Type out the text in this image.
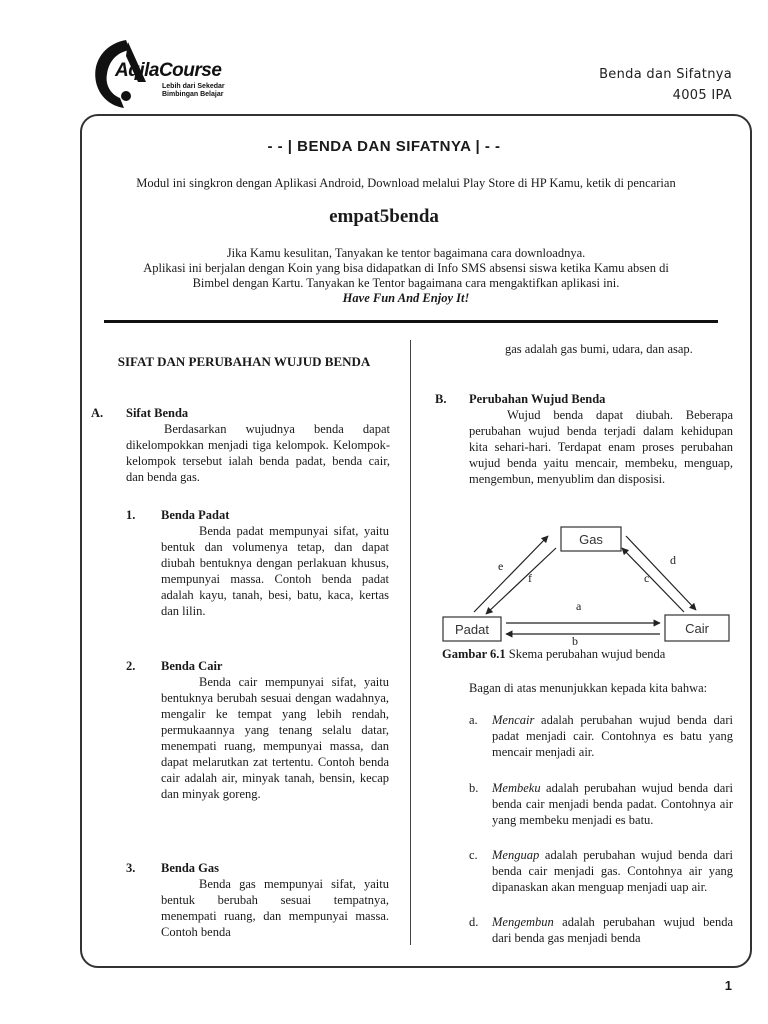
AqilaCourse
Lebih dari Sekedar
Bimbingan Belajar
Benda dan Sifatnya
4005 IPA
- - | BENDA DAN SIFATNYA | - -
Modul ini singkron dengan Aplikasi Android, Download melalui Play Store di HP Kamu, ketik di pencarian
empat5benda
Jika Kamu kesulitan, Tanyakan ke tentor bagaimana cara downloadnya.
Aplikasi ini berjalan dengan Koin yang bisa didapatkan di Info SMS absensi siswa ketika Kamu absen di
Bimbel dengan Kartu. Tanyakan ke Tentor bagaimana cara mengaktifkan aplikasi ini.
Have Fun And Enjoy It!
SIFAT DAN PERUBAHAN WUJUD BENDA
A. Sifat Benda
Berdasarkan wujudnya benda dapat dikelompokkan menjadi tiga kelompok. Kelompok-kelompok tersebut ialah benda padat, benda cair, dan benda gas.
1. Benda Padat
Benda padat mempunyai sifat, yaitu bentuk dan volumenya tetap, dan dapat diubah bentuknya dengan perlakuan khusus, mempunyai massa. Contoh benda padat adalah kayu, tanah, besi, batu, kaca, kertas dan lilin.
2. Benda Cair
Benda cair mempunyai sifat, yaitu bentuknya berubah sesuai dengan wadahnya, mengalir ke tempat yang lebih rendah, permukaannya yang tenang selalu datar, menempati ruang, mempunyai massa, dan dapat melarutkan zat tertentu. Contoh benda cair adalah air, minyak tanah, bensin, kecap dan minyak goreng.
3. Benda Gas
Benda gas mempunyai sifat, yaitu bentuk berubah sesuai tempatnya, menempati ruang, dan mempunyai massa. Contoh benda
gas adalah gas bumi, udara, dan asap.
B. Perubahan Wujud Benda
Wujud benda dapat diubah. Beberapa perubahan wujud benda terjadi dalam kehidupan kita sehari-hari. Terdapat enam proses perubahan wujud benda yaitu mencair, membeku, menguap, mengembun, menyublim dan disposisi.
Gas
Padat	Cair
a
b
e
f
d
c
Gambar 6.1 Skema perubahan wujud benda
Bagan di atas menunjukkan kepada kita bahwa:
a. Mencair adalah perubahan wujud benda dari padat menjadi cair. Contohnya es batu yang mencair menjadi air.
b. Membeku adalah perubahan wujud benda dari benda cair menjadi benda padat. Contohnya air yang membeku menjadi es batu.
c. Menguap adalah perubahan wujud benda dari benda cair menjadi gas. Contohnya air yang dipanaskan akan menguap menjadi uap air.
d. Mengembun adalah perubahan wujud benda dari benda gas menjadi benda
1
